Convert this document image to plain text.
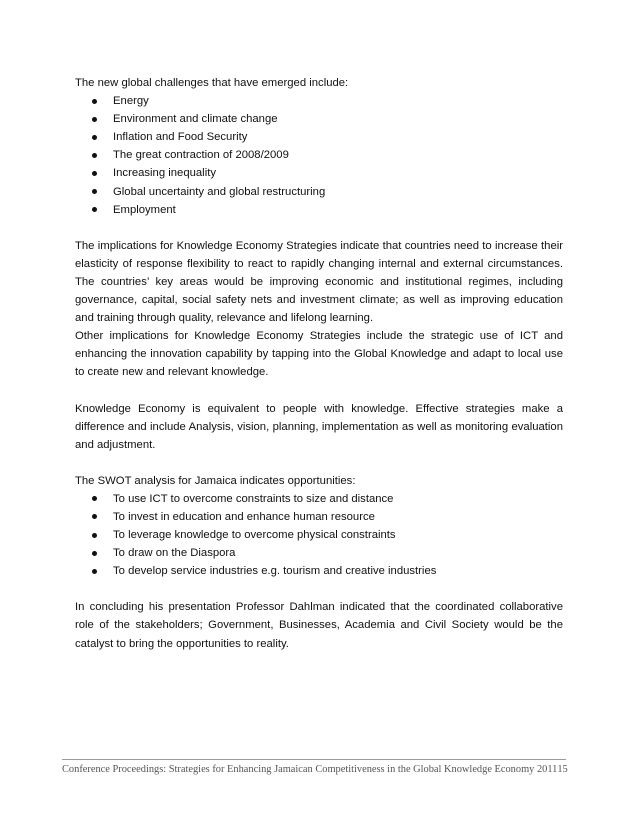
The new global challenges that have emerged include:

Energy
Environment and climate change
Inflation and Food Security
The great contraction of 2008/2009
Increasing inequality
Global uncertainty and global restructuring
Employment

The implications for Knowledge Economy Strategies indicate that countries need to increase their elasticity of response flexibility to react to rapidly changing internal and external circumstances. The countries’ key areas would be improving economic and institutional regimes, including governance, capital, social safety nets and investment climate; as well as improving education and training through quality, relevance and lifelong learning.

Other implications for Knowledge Economy Strategies include the strategic use of ICT and enhancing the innovation capability by tapping into the Global Knowledge and adapt to local use to create new and relevant knowledge.

Knowledge Economy is equivalent to people with knowledge. Effective strategies make a difference and include Analysis, vision, planning, implementation as well as monitoring evaluation and adjustment.

The SWOT analysis for Jamaica indicates opportunities:

To use ICT to overcome constraints to size and distance
To invest in education and enhance human resource
To leverage knowledge to overcome physical constraints
To draw on the Diaspora
To develop service industries e.g. tourism and creative industries

In concluding his presentation Professor Dahlman indicated that the coordinated collaborative role of the stakeholders; Government, Businesses, Academia and Civil Society would be the catalyst to bring the opportunities to reality.

Conference Proceedings: Strategies for Enhancing Jamaican Competitiveness in the Global Knowledge Economy 2011 15
